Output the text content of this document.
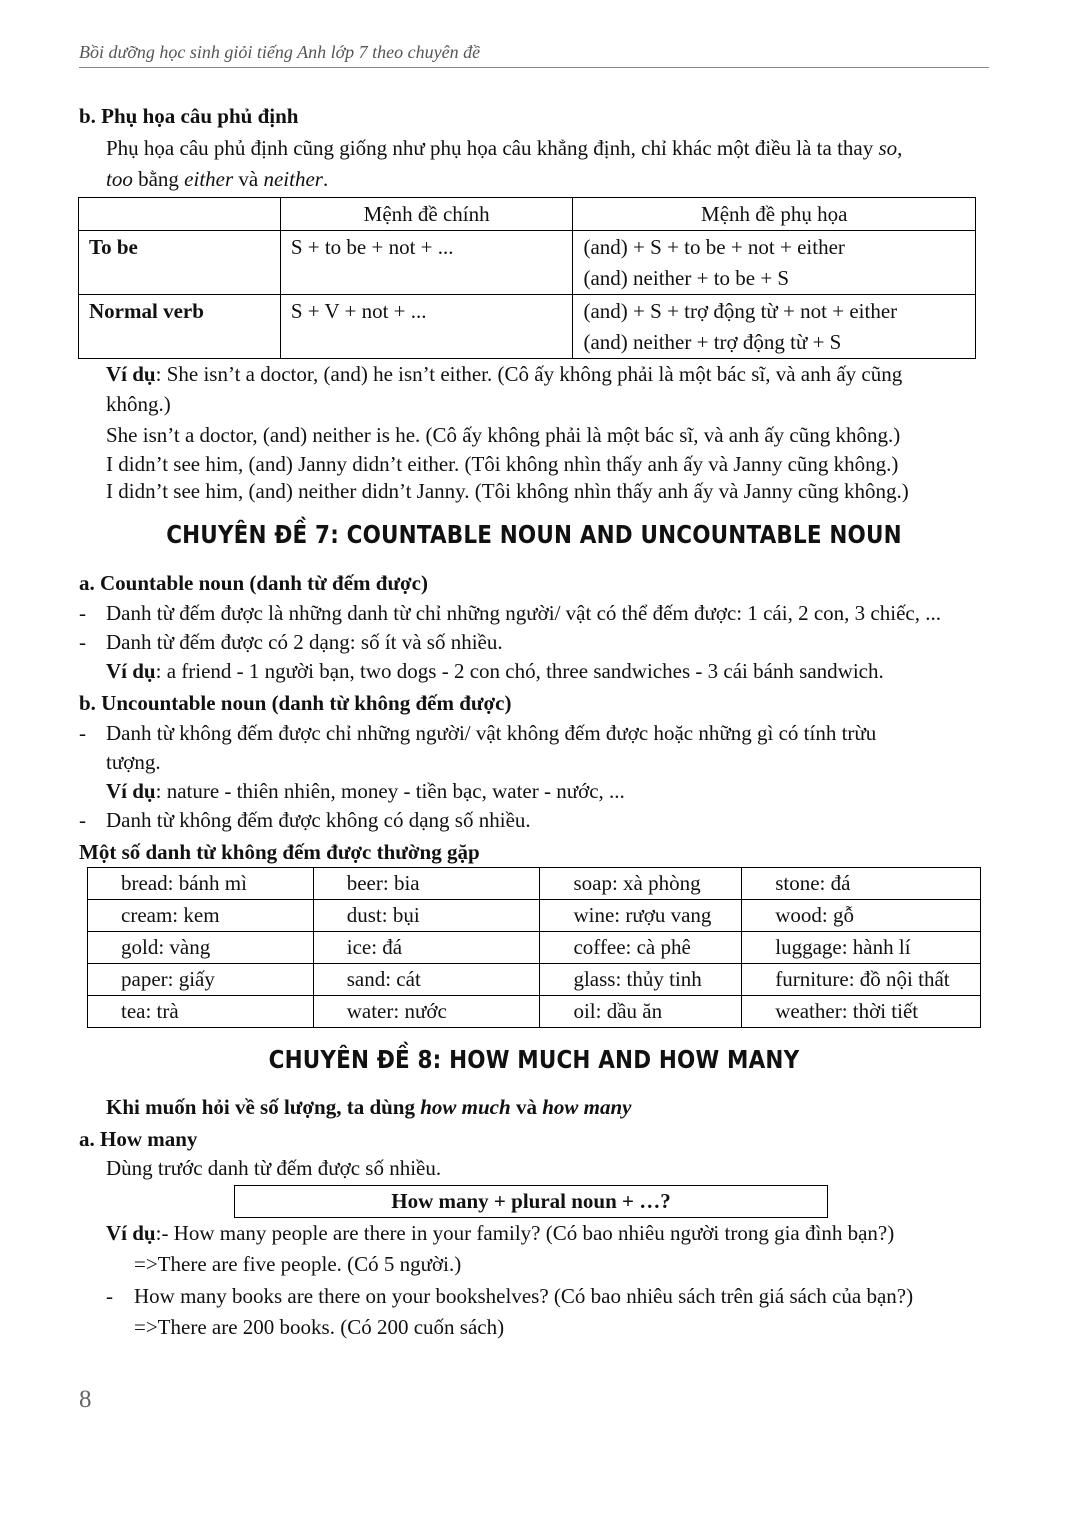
Bồi dưỡng học sinh giỏi tiếng Anh lớp 7 theo chuyên đề
b. Phụ họa câu phủ định
Phụ họa câu phủ định cũng giống như phụ họa câu khẳng định, chỉ khác một điều là ta thay so,
too bằng either và neither.
	Mệnh đề chính	Mệnh đề phụ họa
To be	S + to be + not + ...	(and) + S + to be + not + either
(and) neither + to be + S

Normal verb	S + V + not + ...	(and) + S + trợ động từ + not + either
(and) neither + trợ động từ + S
Ví dụ: She isn’t a doctor, (and) he isn’t either. (Cô ấy không phải là một bác sĩ, và anh ấy cũng
không.)
She isn’t a doctor, (and) neither is he. (Cô ấy không phải là một bác sĩ, và anh ấy cũng không.)
I didn’t see him, (and) Janny didn’t either. (Tôi không nhìn thấy anh ấy và Janny cũng không.)
I didn’t see him, (and) neither didn’t Janny. (Tôi không nhìn thấy anh ấy và Janny cũng không.)
CHUYÊN ĐỀ 7: COUNTABLE NOUN AND UNCOUNTABLE NOUN
a. Countable noun (danh từ đếm được)
- Danh từ đếm được là những danh từ chỉ những người/ vật có thể đếm được: 1 cái, 2 con, 3 chiếc, ...
- Danh từ đếm được có 2 dạng: số ít và số nhiều.
Ví dụ: a friend - 1 người bạn, two dogs - 2 con chó, three sandwiches - 3 cái bánh sandwich.
b. Uncountable noun (danh từ không đếm được)
- Danh từ không đếm được chỉ những người/ vật không đếm được hoặc những gì có tính trừu
tượng.
Ví dụ: nature - thiên nhiên, money - tiền bạc, water - nước, ...
- Danh từ không đếm được không có dạng số nhiều.
Một số danh từ không đếm được thường gặp
bread: bánh mì	beer: bia	soap: xà phòng	stone: đá
cream: kem	dust: bụi	wine: rượu vang	wood: gỗ
gold: vàng	ice: đá	coffee: cà phê	luggage: hành lí
paper: giấy	sand: cát	glass: thủy tinh	furniture: đồ nội thất
tea: trà	water: nước	oil: dầu ăn	weather: thời tiết
CHUYÊN ĐỀ 8: HOW MUCH AND HOW MANY
Khi muốn hỏi về số lượng, ta dùng how much và how many
a. How many
Dùng trước danh từ đếm được số nhiều.
How many + plural noun + …?
Ví dụ:- How many people are there in your family? (Có bao nhiêu người trong gia đình bạn?)
=>There are five people. (Có 5 người.)
- How many books are there on your bookshelves? (Có bao nhiêu sách trên giá sách của bạn?)
=>There are 200 books. (Có 200 cuốn sách)
8
